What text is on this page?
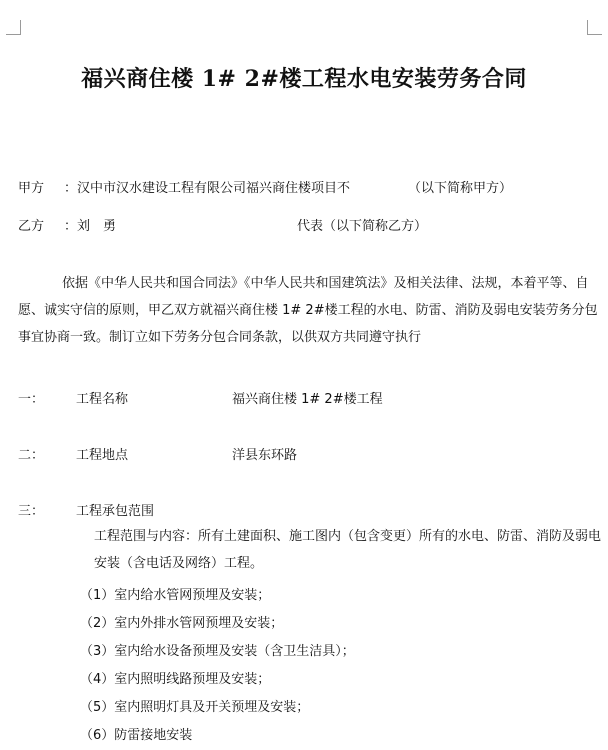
福兴商住楼 1# 2#楼工程水电安装劳务合同
甲方 ：汉中市汉水建设工程有限公司福兴商住楼项目不	（以下简称甲方）
乙方 ：刘　勇	代表（以下简称乙方）
依据《中华人民共和国合同法》《中华人民共和国建筑法》及相关法律、法规，本着平等、自愿、诚实守信的原则，甲乙双方就福兴商住楼 1# 2#楼工程的水电、防雷、消防及弱电安装劳务分包事宜协商一致。制订立如下劳务分包合同条款，以供双方共同遵守执行
一： 工程名称	福兴商住楼 1# 2#楼工程
二： 工程地点	洋县东环路
三： 工程承包范围
工程范围与内容：所有土建面积、施工图内（包含变更）所有的水电、防雷、消防及弱电安装（含电话及网络）工程。
（1）室内给水管网预埋及安装；
（2）室内外排水管网预埋及安装；
（3）室内给水设备预埋及安装（含卫生洁具）；
（4）室内照明线路预埋及安装；
（5）室内照明灯具及开关预埋及安装；
（6）防雷接地安装
